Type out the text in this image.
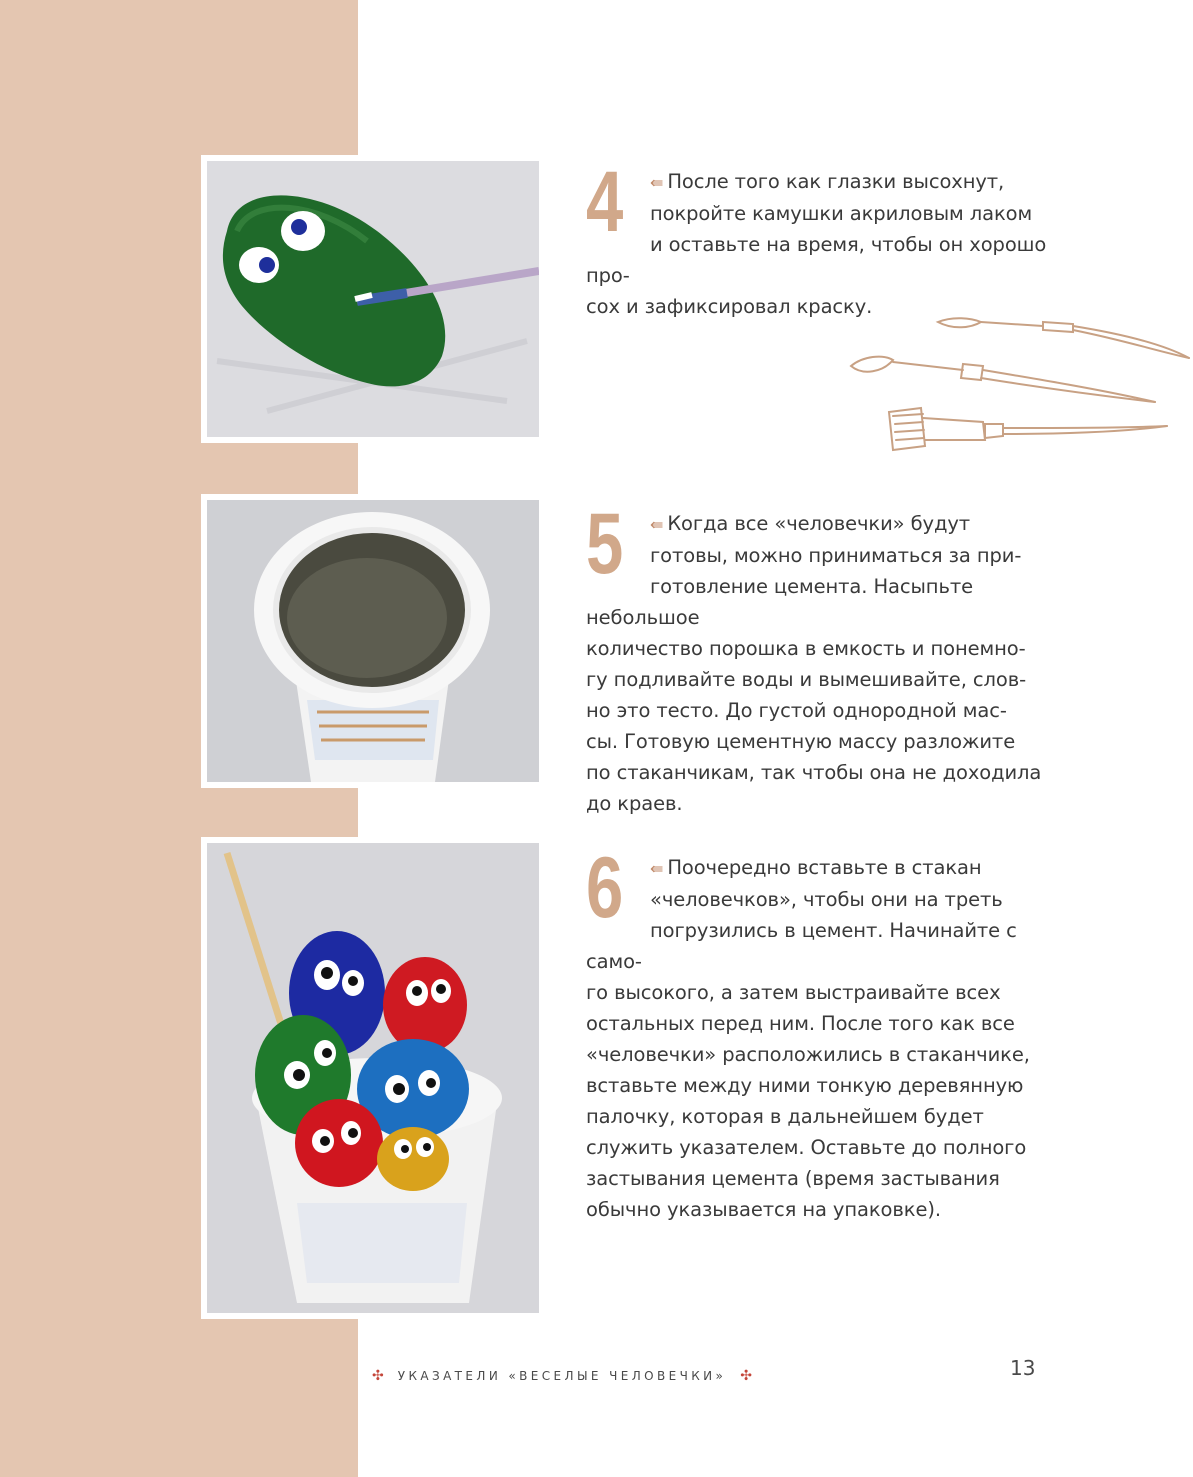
4	⇚ После того как глазки высохнут,
покройте камушки акриловым лаком
и оставьте на время, чтобы он хорошо про-
сох и зафиксировал краску.
5	⇚ Когда все «человечки» будут
готовы, можно приниматься за при-
готовление цемента. Насыпьте небольшое
количество порошка в емкость и понемно-
гу подливайте воды и вымешивайте, слов-
но это тесто. До густой однородной мас-
сы. Готовую цементную массу разложите
по стаканчикам, так чтобы она не доходила
до краев.
6	⇚ Поочередно вставьте в стакан
«человечков», чтобы они на треть
погрузились в цемент. Начинайте с само-
го высокого, а затем выстраивайте всех
остальных перед ним. После того как все
«человечки» расположились в стаканчике,
вставьте между ними тонкую деревянную
палочку, которая в дальнейшем будет
служить указателем. Оставьте до полного
застывания цемента (время застывания
обычно указывается на упаковке).
✣ УКАЗАТЕЛИ «ВЕСЕЛЫЕ ЧЕЛОВЕЧКИ» ✣	13
